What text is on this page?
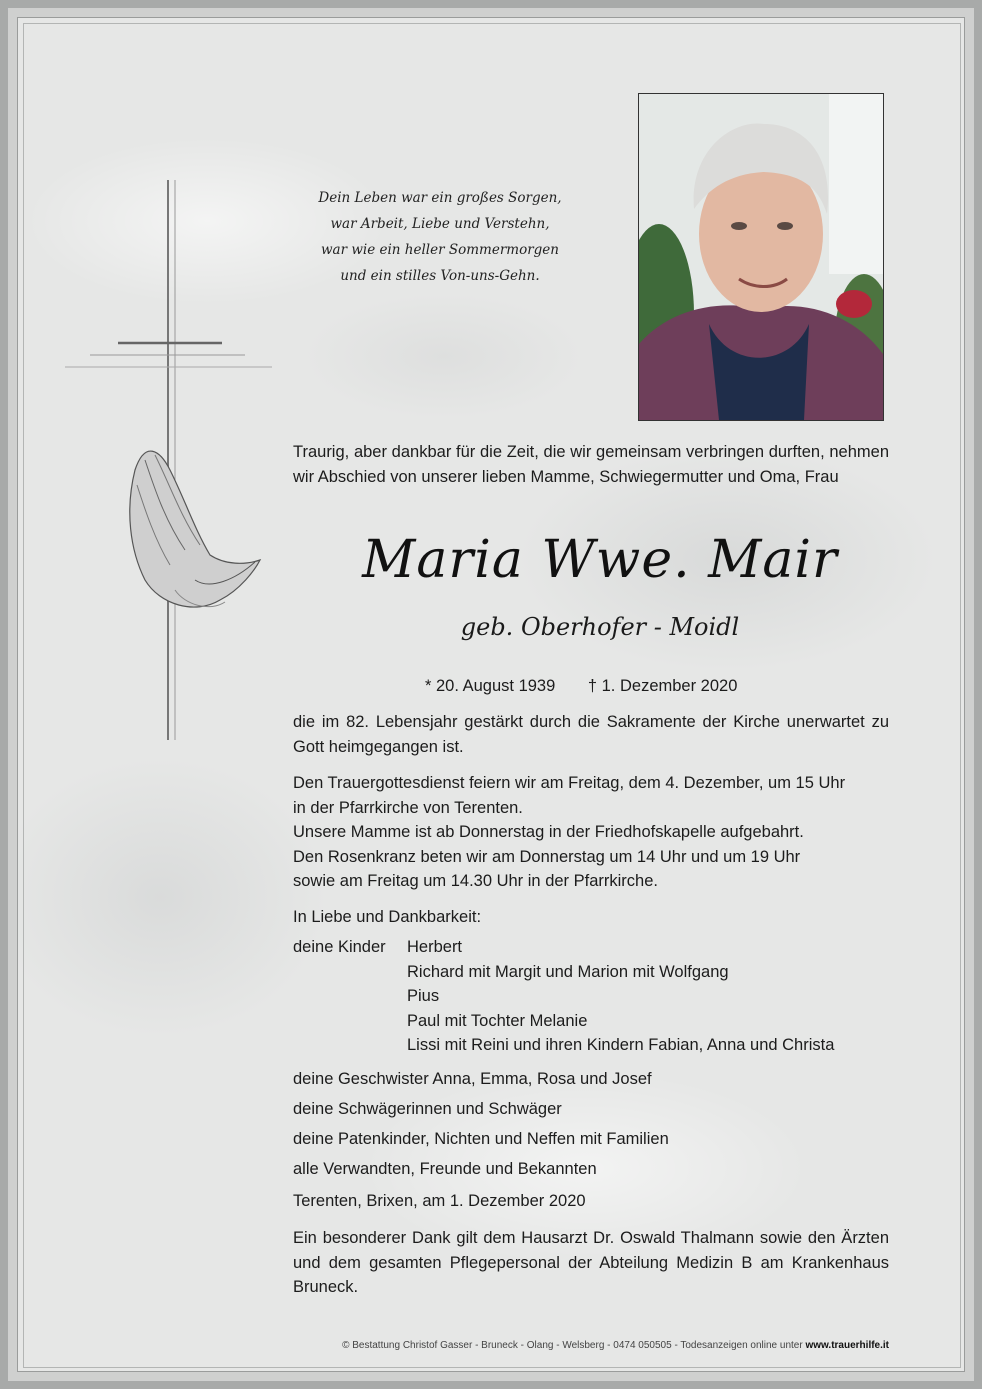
Dein Leben war ein großes Sorgen,
war Arbeit, Liebe und Verstehn,
war wie ein heller Sommermorgen
und ein stilles Von-uns-Gehn.
Traurig, aber dankbar für die Zeit, die wir gemeinsam verbringen durften, nehmen wir Abschied von unserer lieben Mamme, Schwiegermutter und Oma, Frau
Maria Wwe. Mair
geb. Oberhofer - Moidl
* 20. August 1939 † 1. Dezember 2020
die im 82. Lebensjahr gestärkt durch die Sakramente der Kirche unerwartet zu Gott heimgegangen ist.
Den Trauergottesdienst feiern wir am Freitag, dem 4. Dezember, um 15 Uhr
in der Pfarrkirche von Terenten.
Unsere Mamme ist ab Donnerstag in der Friedhofskapelle aufgebahrt.
Den Rosenkranz beten wir am Donnerstag um 14 Uhr und um 19 Uhr
sowie am Freitag um 14.30 Uhr in der Pfarrkirche.
In Liebe und Dankbarkeit:
deine Kinder Herbert
Richard mit Margit und Marion mit Wolfgang
Pius
Paul mit Tochter Melanie
Lissi mit Reini und ihren Kindern Fabian, Anna und Christa
deine Geschwister Anna, Emma, Rosa und Josef
deine Schwägerinnen und Schwäger
deine Patenkinder, Nichten und Neffen mit Familien
alle Verwandten, Freunde und Bekannten
Terenten, Brixen, am 1. Dezember 2020
Ein besonderer Dank gilt dem Hausarzt Dr. Oswald Thalmann sowie den Ärzten und dem gesamten Pflegepersonal der Abteilung Medizin B am Krankenhaus Bruneck.
© Bestattung Christof Gasser - Bruneck - Olang - Welsberg - 0474 050505 - Todesanzeigen online unter www.trauerhilfe.it
